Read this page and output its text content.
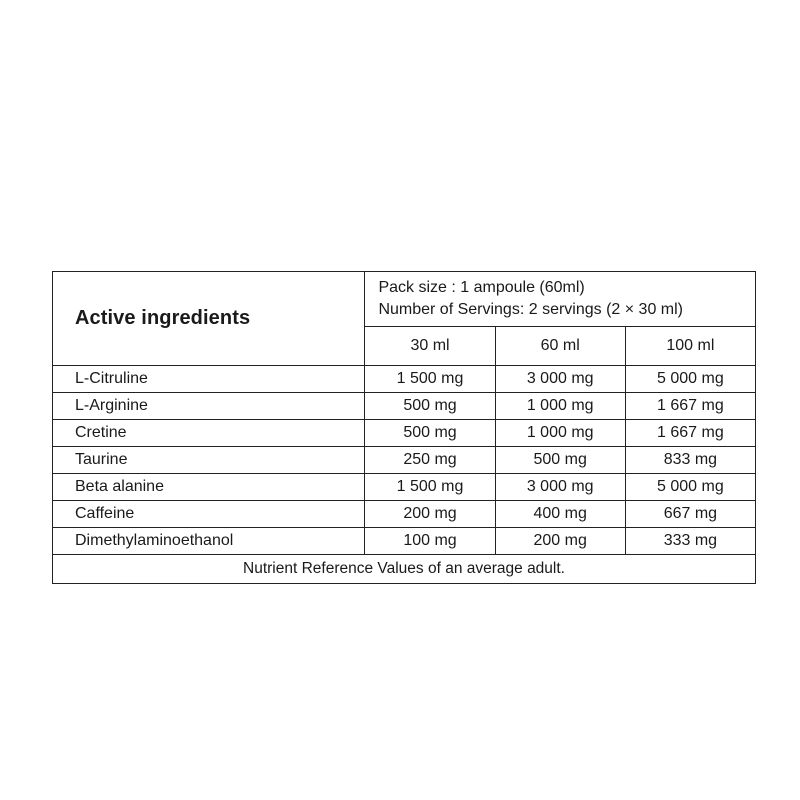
Active ingredients	Pack size : 1 ampoule (60ml)
Number of Servings: 2 servings (2 × 30 ml)		

	30 ml	60 ml	100 ml
L-Citruline	1 500 mg	3 000 mg	5 000 mg
L-Arginine	500 mg	1 000 mg	1 667 mg
Cretine	500 mg	1 000 mg	1 667 mg
Taurine	250 mg	500 mg	833 mg
Beta alanine	1 500 mg	3 000 mg	5 000 mg
Caffeine	200 mg	400 mg	667 mg
Dimethylaminoethanol	100 mg	200 mg	333 mg
Nutrient Reference Values of an average adult.			
